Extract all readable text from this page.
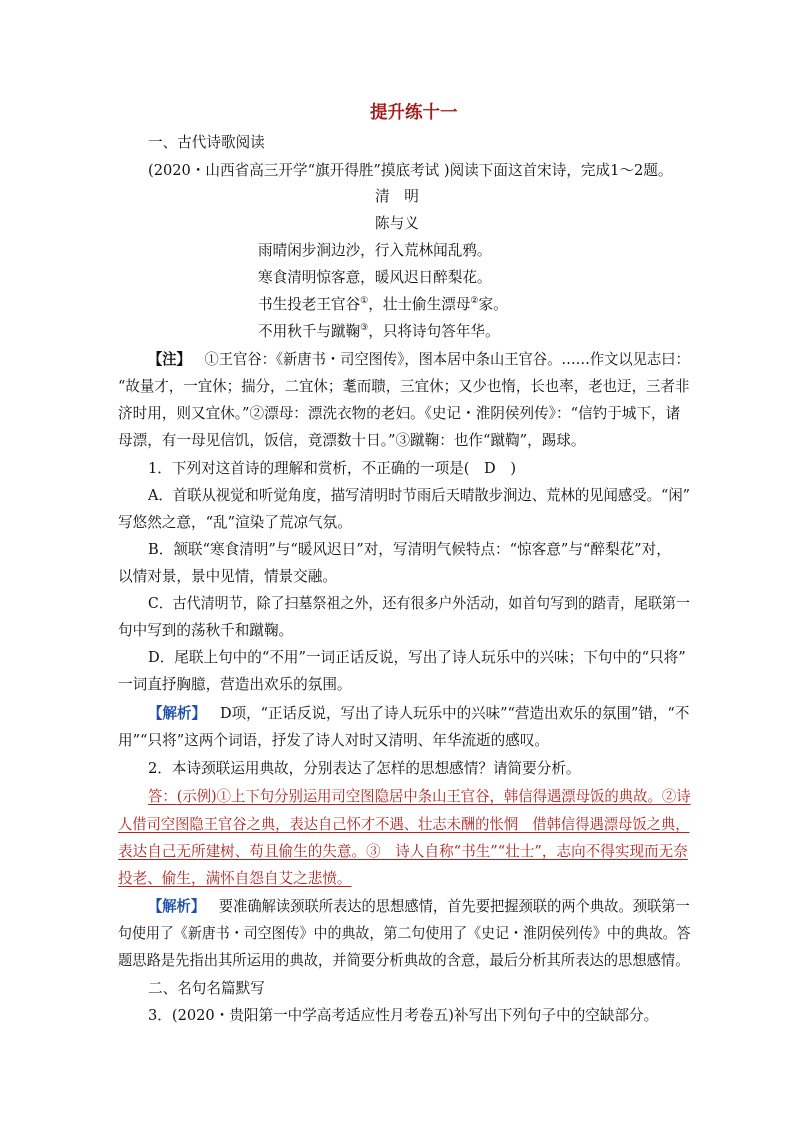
提升练十一
一、古代诗歌阅读
(2020・山西省高三开学“旗开得胜”摸底考试 )阅读下面这首宋诗，完成1～2题。
清　明
陈与义
雨晴闲步涧边沙，行入荒林闻乱鸦。
寒食清明惊客意，暖风迟日醉梨花。
书生投老王官谷①，壮士偷生漂母②家。
不用秋千与蹴鞠③，只将诗句答年华。
【注】 ①王官谷：《新唐书・司空图传》，图本居中条山王官谷。……作文以见志曰：
“故量才，一宜休；揣分，二宜休；耄而聩，三宜休；又少也惰，长也率，老也迂，三者非
济时用，则又宜休。”②漂母：漂洗衣物的老妇。《史记・淮阴侯列传》：“信钓于城下，诸
母漂，有一母见信饥，饭信，竟漂数十日。”③蹴鞠：也作“蹴鞫”，踢球。
1．下列对这首诗的理解和赏析，不正确的一项是(　D　)
A．首联从视觉和听觉角度，描写清明时节雨后天晴散步涧边、荒林的见闻感受。“闲”
写悠然之意，“乱”渲染了荒凉气氛。
B．颔联“寒食清明”与“暖风迟日”对，写清明气候特点：“惊客意”与“醉梨花”对，
以情对景，景中见情，情景交融。
C．古代清明节，除了扫墓祭祖之外，还有很多户外活动，如首句写到的踏青，尾联第一
句中写到的荡秋千和蹴鞠。
D．尾联上句中的“不用”一词正话反说，写出了诗人玩乐中的兴味；下句中的“只将”
一词直抒胸臆，营造出欢乐的氛围。
【解析】 D项，“正话反说，写出了诗人玩乐中的兴味”“营造出欢乐的氛围”错，“不
用”“只将”这两个词语，抒发了诗人对时又清明、年华流逝的感叹。
2．本诗颈联运用典故，分别表达了怎样的思想感情？请简要分析。
答：(示例)①上下句分别运用司空图隐居中条山王官谷，韩信得遇漂母饭的典故。②诗
人借司空图隐王官谷之典，表达自己怀才不遇、壮志未酬的怅惘　借韩信得遇漂母饭之典，
表达自己无所建树、苟且偷生的失意。③　诗人自称“书生”“壮士”，志向不得实现而无奈
投老、偷生，满怀自怨自艾之悲愤。
【解析】 要准确解读颈联所表达的思想感情，首先要把握颈联的两个典故。颈联第一
句使用了《新唐书・司空图传》中的典故，第二句使用了《史记・淮阴侯列传》中的典故。答
题思路是先指出其所运用的典故，并简要分析典故的含意，最后分析其所表达的思想感情。
二、名句名篇默写
3．(2020・贵阳第一中学高考适应性月考卷五)补写出下列句子中的空缺部分。
